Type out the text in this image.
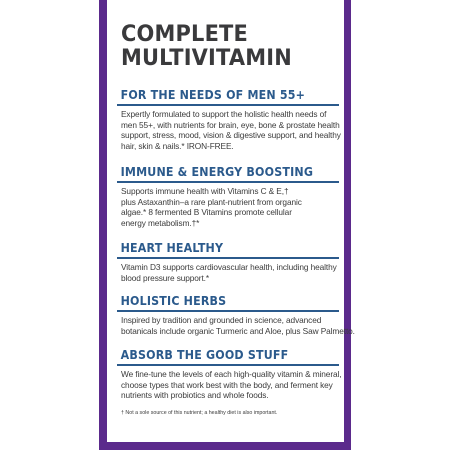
COMPLETE
MULTIVITAMIN
FOR THE NEEDS OF MEN 55+

Expertly formulated to support the holistic health needs of
men 55+, with nutrients for brain, eye, bone & prostate health
support, stress, mood, vision & digestive support, and healthy
hair, skin & nails.* IRON-FREE.

IMMUNE & ENERGY BOOSTING

Supports immune health with Vitamins C & E,†
plus Astaxanthin–a rare plant-nutrient from organic
algae.* 8 fermented B Vitamins promote cellular
energy metabolism.†*

HEART HEALTHY

Vitamin D3 supports cardiovascular health, including healthy
blood pressure support.*

HOLISTIC HERBS

Inspired by tradition and grounded in science, advanced
botanicals include organic Turmeric and Aloe, plus Saw Palmetto.

ABSORB THE GOOD STUFF

We fine-tune the levels of each high-quality vitamin & mineral,
choose types that work best with the body, and ferment key
nutrients with probiotics and whole foods.

† Not a sole source of this nutrient; a healthy diet is also important.
